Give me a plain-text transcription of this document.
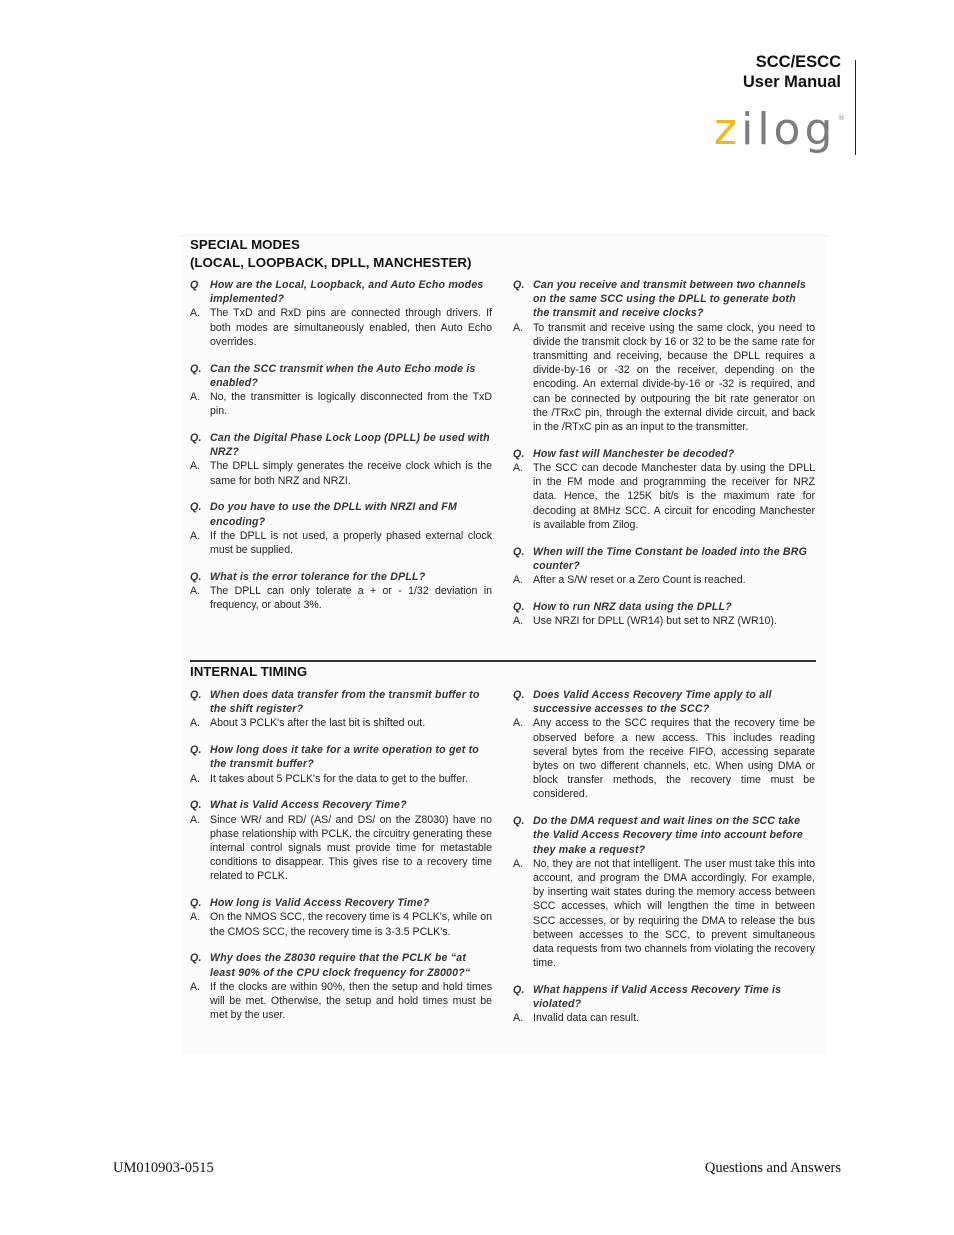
SCC/ESCC
User Manual
zilog ®
SPECIAL MODES
(LOCAL, LOOPBACK, DPLL, MANCHESTER)
Q	How are the Local, Loopback, and Auto Echo modes implemented?
A. The TxD and RxD pins are connected through drivers. If both modes are simultaneously enabled, then Auto Echo overrides.
Q. Can the SCC transmit when the Auto Echo mode is enabled?
A. No, the transmitter is logically disconnected from the TxD pin.
Q. Can the Digital Phase Lock Loop (DPLL) be used with NRZ?
A. The DPLL simply generates the receive clock which is the same for both NRZ and NRZI.
Q. Do you have to use the DPLL with NRZI and FM encoding?
A. If the DPLL is not used, a properly phased external clock must be supplied.
Q. What is the error tolerance for the DPLL?
A. The DPLL can only tolerate a + or - 1/32 deviation in frequency, or about 3%.
Q. Can you receive and transmit between two channels on the same SCC using the DPLL to generate both the transmit and receive clocks?
A. To transmit and receive using the same clock, you need to divide the transmit clock by 16 or 32 to be the same rate for transmitting and receiving, because the DPLL requires a divide-by-16 or -32 on the receiver, depending on the encoding. An external divide-by-16 or -32 is required, and can be connected by outpouring the bit rate generator on the /TRxC pin, through the external divide circuit, and back in the /RTxC pin as an input to the transmitter.
Q. How fast will Manchester be decoded?
A. The SCC can decode Manchester data by using the DPLL in the FM mode and programming the receiver for NRZ data. Hence, the 125K bit/s is the maximum rate for decoding at 8MHz SCC. A circuit for encoding Manchester is available from Zilog.
Q. When will the Time Constant be loaded into the BRG counter?
A. After a S/W reset or a Zero Count is reached.
Q. How to run NRZ data using the DPLL?
A. Use NRZI for DPLL (WR14) but set to NRZ (WR10).
INTERNAL TIMING
Q. When does data transfer from the transmit buffer to the shift register?
A. About 3 PCLK's after the last bit is shifted out.
Q. How long does it take for a write operation to get to the transmit buffer?
A. It takes about 5 PCLK's for the data to get to the buffer.
Q. What is Valid Access Recovery Time?
A. Since WR/ and RD/ (AS/ and DS/ on the Z8030) have no phase relationship with PCLK, the circuitry generating these internal control signals must provide time for metastable conditions to disappear. This gives rise to a recovery time related to PCLK.
Q. How long is Valid Access Recovery Time?
A. On the NMOS SCC, the recovery time is 4 PCLK's, while on the CMOS SCC, the recovery time is 3-3.5 PCLK's.
Q. Why does the Z8030 require that the PCLK be “at least 90% of the CPU clock frequency for Z8000?“
A. If the clocks are within 90%, then the setup and hold times will be met. Otherwise, the setup and hold times must be met by the user.
Q. Does Valid Access Recovery Time apply to all successive accesses to the SCC?
A. Any access to the SCC requires that the recovery time be observed before a new access. This includes reading several bytes from the receive FIFO, accessing separate bytes on two different channels, etc. When using DMA or block transfer methods, the recovery time must be considered.
Q. Do the DMA request and wait lines on the SCC take the Valid Access Recovery time into account before they make a request?
A. No, they are not that intelligent. The user must take this into account, and program the DMA accordingly. For example, by inserting wait states during the memory access between SCC accesses, which will lengthen the time in between SCC accesses, or by requiring the DMA to release the bus between accesses to the SCC, to prevent simultaneous data requests from two channels from violating the recovery time.
Q. What happens if Valid Access Recovery Time is violated?
A. Invalid data can result.
UM010903-0515	Questions and Answers
